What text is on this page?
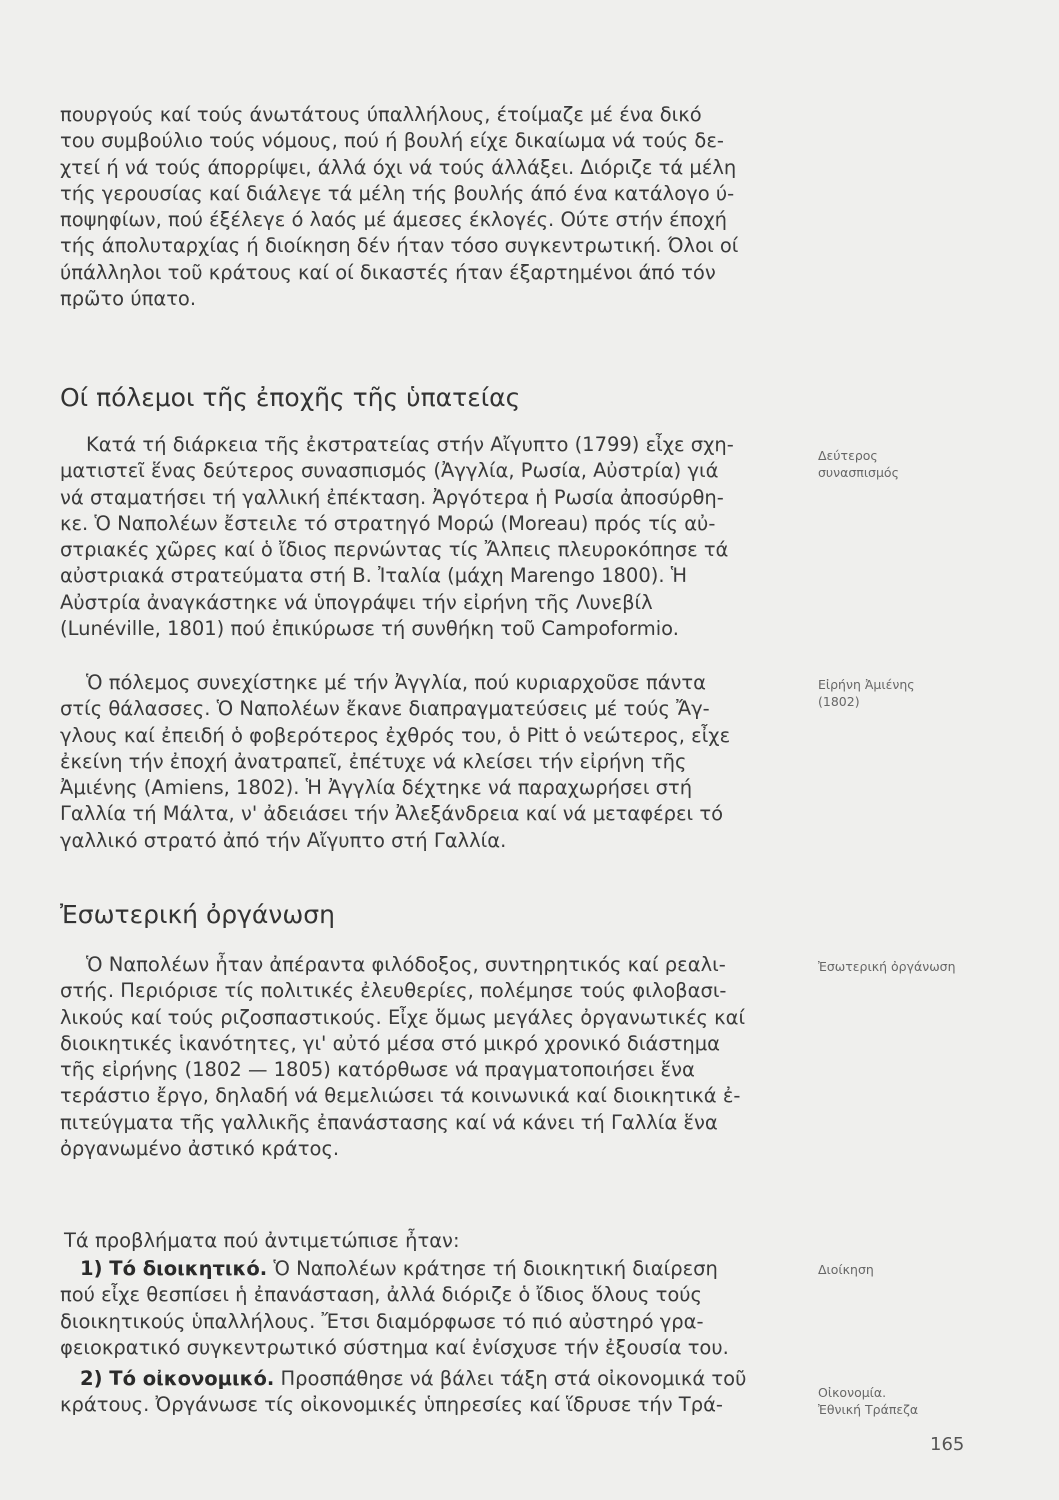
πουργούς καί τούς άνωτάτους ύπαλλήλους, έτοίμαζε μέ ένα δικό
του συμβούλιο τούς νόμους, πού ή βουλή είχε δικαίωμα νά τούς δε-
χτεί ή νά τούς άπορρίψει, άλλά όχι νά τούς άλλάξει. Διόριζε τά μέλη
τής γερουσίας καί διάλεγε τά μέλη τής βουλής άπό ένα κατάλογο ύ-
ποψηφίων, πού έξέλεγε ό λαός μέ άμεσες έκλογές. Ούτε στήν έποχή
τής άπολυταρχίας ή διοίκηση δέν ήταν τόσο συγκεντρωτική. Όλοι οί
ύπάλληλοι τοῦ κράτους καί οί δικαστές ήταν έξαρτημένοι άπό τόν
πρῶτο ύπατο.
Οί πόλεμοι τῆς ἐποχῆς τῆς ὑπατείας
Κατά τή διάρκεια τῆς ἐκστρατείας στήν Αἴγυπτο (1799) εἶχε σχη-
ματιστεῖ ἕνας δεύτερος συνασπισμός (Ἀγγλία, Ρωσία, Αὐστρία) γιά
νά σταματήσει τή γαλλική ἐπέκταση. Ἀργότερα ἡ Ρωσία ἀποσύρθη-
κε. Ὁ Ναπολέων ἔστειλε τό στρατηγό Μορώ (Moreau) πρός τίς αὐ-
στριακές χῶρες καί ὁ ἴδιος περνώντας τίς Ἄλπεις πλευροκόπησε τά
αὐστριακά στρατεύματα στή Β. Ἰταλία (μάχη Marengo 1800). Ἡ
Αὐστρία ἀναγκάστηκε νά ὑπογράψει τήν εἰρήνη τῆς Λυνεβίλ
(Lunéville, 1801) πού ἐπικύρωσε τή συνθήκη τοῦ Campoformio.
Ὁ πόλεμος συνεχίστηκε μέ τήν Ἀγγλία, πού κυριαρχοῦσε πάντα
στίς θάλασσες. Ὁ Ναπολέων ἔκανε διαπραγματεύσεις μέ τούς Ἄγ-
γλους καί ἐπειδή ὁ φοβερότερος ἐχθρός του, ὁ Pitt ὁ νεώτερος, εἶχε
ἐκείνη τήν ἐποχή ἀνατραπεῖ, ἐπέτυχε νά κλείσει τήν εἰρήνη τῆς
Ἀμιένης (Amiens, 1802). Ἡ Ἀγγλία δέχτηκε νά παραχωρήσει στή
Γαλλία τή Μάλτα, ν' ἀδειάσει τήν Ἀλεξάνδρεια καί νά μεταφέρει τό
γαλλικό στρατό ἀπό τήν Αἴγυπτο στή Γαλλία.
Ἐσωτερική ὀργάνωση
Ὁ Ναπολέων ἦταν ἀπέραντα φιλόδοξος, συντηρητικός καί ρεαλι-
στής. Περιόρισε τίς πολιτικές ἐλευθερίες, πολέμησε τούς φιλοβασι-
λικούς καί τούς ριζοσπαστικούς. Εἶχε ὅμως μεγάλες ὀργανωτικές καί
διοικητικές ἱκανότητες, γι' αὐτό μέσα στό μικρό χρονικό διάστημα
τῆς εἰρήνης (1802 — 1805) κατόρθωσε νά πραγματοποιήσει ἕνα
τεράστιο ἔργο, δηλαδή νά θεμελιώσει τά κοινωνικά καί διοικητικά ἐ-
πιτεύγματα τῆς γαλλικῆς ἐπανάστασης καί νά κάνει τή Γαλλία ἕνα
ὀργανωμένο ἀστικό κράτος.
Τά προβλήματα πού ἀντιμετώπισε ἦταν:
1) Τό διοικητικό. Ὁ Ναπολέων κράτησε τή διοικητική διαίρεση
πού εἶχε θεσπίσει ἡ ἐπανάσταση, ἀλλά διόριζε ὁ ἴδιος ὅλους τούς
διοικητικούς ὑπαλλήλους. Ἔτσι διαμόρφωσε τό πιό αὐστηρό γρα-
φειοκρατικό συγκεντρωτικό σύστημα καί ἐνίσχυσε τήν ἐξουσία του.
2) Τό οἰκονομικό. Προσπάθησε νά βάλει τάξη στά οἰκονομικά τοῦ
κράτους. Ὀργάνωσε τίς οἰκονομικές ὑπηρεσίες καί ἵδρυσε τήν Τρά-
Δεύτερος
συνασπισμός
Εἰρήνη Ἀμιένης
(1802)
Ἐσωτερική ὀργάνωση
Διοίκηση
Οἰκονομία.
Ἐθνική Τράπεζα
165
